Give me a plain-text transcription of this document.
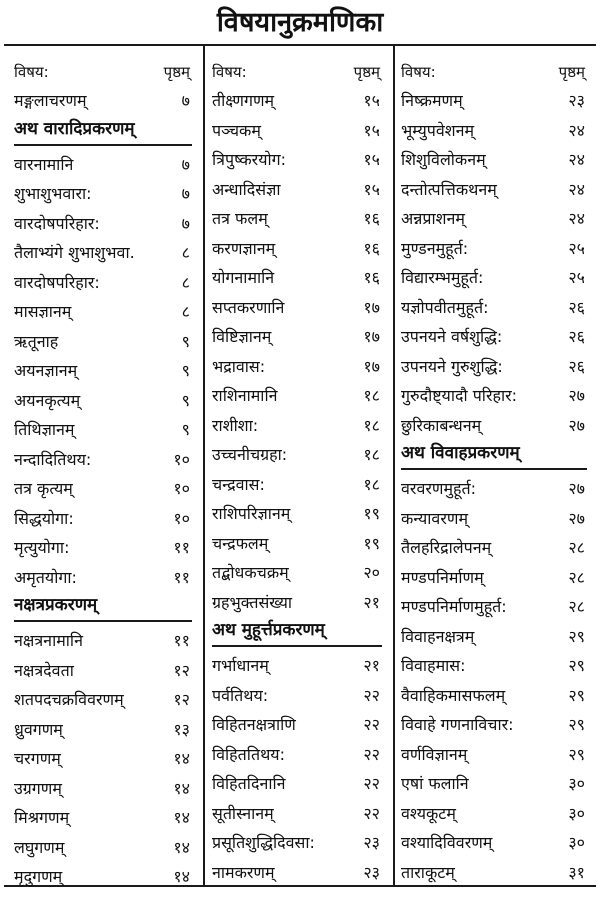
विषयानुक्रमणिका
विषय:	पृष्ठम्
मङ्गलाचरणम्	७
अथ वारादिप्रकरणम्
वारनामानि	७
शुभाशुभवारा:	७
वारदोषपरिहार:	७
तैलाभ्यंगे शुभाशुभवा.	८
वारदोषपरिहार:	८
मासज्ञानम्	८
ऋतूनाह	९
अयनज्ञानम्	९
अयनकृत्यम्	९
तिथिज्ञानम्	९
नन्दादितिथय:	१०
तत्र कृत्यम्	१०
सिद्धयोगा:	१०
मृत्युयोगा:	११
अमृतयोगा:	११
नक्षत्रप्रकरणम्
नक्षत्रनामानि	११
नक्षत्रदेवता	१२
शतपदचक्रविवरणम्	१२
ध्रुवगणम्	१३
चरगणम्	१४
उग्रगणम्	१४
मिश्रगणम्	१४
लघुगणम्	१४
मृदुगणम्	१४
विषय:	पृष्ठम्
तीक्ष्णगणम्	१५
पञ्चकम्	१५
त्रिपुष्करयोग:	१५
अन्धादिसंज्ञा	१५
तत्र फलम्	१६
करणज्ञानम्	१६
योगनामानि	१६
सप्तकरणानि	१७
विष्टिज्ञानम्	१७
भद्रावास:	१७
राशिनामानि	१८
राशीशा:	१८
उच्चनीचग्रहा:	१८
चन्द्रवास:	१८
राशिपरिज्ञानम्	१९
चन्द्रफलम्	१९
तद्बोधकचक्रम्	२०
ग्रहभुक्तसंख्या	२१
अथ मुहूर्त्तप्रकरणम्
गर्भाधानम्	२१
पर्वतिथय:	२२
विहितनक्षत्राणि	२२
विहिततिथय:	२२
विहितदिनानि	२२
सूतीस्नानम्	२२
प्रसूतिशुद्धिदिवसा:	२३
नामकरणम्	२३
विषय:	पृष्ठम्
निष्क्रमणम्	२३
भूम्युपवेशनम्	२४
शिशुविलोकनम्	२४
दन्तोत्पत्तिकथनम्	२४
अन्नप्राशनम्	२४
मुण्डनमुहूर्त:	२५
विद्यारम्भमुहूर्त:	२५
यज्ञोपवीतमुहूर्त:	२६
उपनयने वर्षशुद्धि:	२६
उपनयने गुरुशुद्धि:	२६
गुरुदौष्ट्यादौ परिहार:	२७
छुरिकाबन्धनम्	२७
अथ विवाहप्रकरणम्
वरवरणमुहूर्त:	२७
कन्यावरणम्	२७
तैलहरिद्रालेपनम्	२८
मण्डपनिर्माणम्	२८
मण्डपनिर्माणमुहूर्त:	२८
विवाहनक्षत्रम्	२९
विवाहमास:	२९
वैवाहिकमासफलम्	२९
विवाहे गणनाविचार:	२९
वर्णविज्ञानम्	२९
एषां फलानि	३०
वश्यकूटम्	३०
वश्यादिविवरणम्	३०
ताराकूटम्	३१
